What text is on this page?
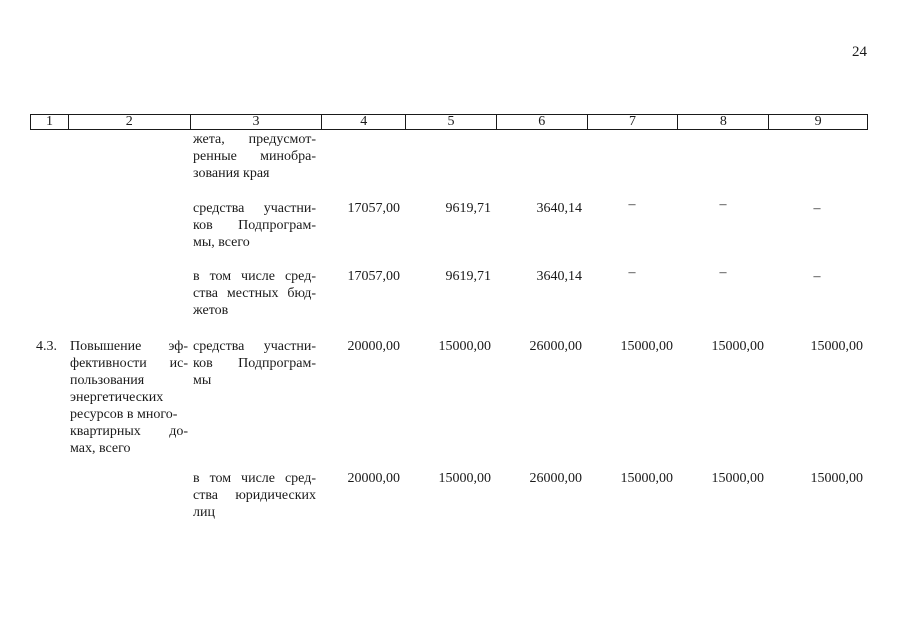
24
1	2	3	4	5	6	7	8	9
жета, предусмот-
ренные минобра-
зования края
средства участни-
ков Подпрограм-
мы, всего
17057,00	9619,71	3640,14	–	–	–
в том числе сред-
ства местных бюд-
жетов
17057,00	9619,71	3640,14	–	–	–
4.3. Повышение эф-
фективности ис-
пользования
энергетических
ресурсов в много-
квартирных до-
мах, всего
средства участни-
ков Подпрограм-
мы
20000,00	15000,00	26000,00	15000,00	15000,00	15000,00
в том числе сред-
ства юридических
лиц
20000,00	15000,00	26000,00	15000,00	15000,00	15000,00
